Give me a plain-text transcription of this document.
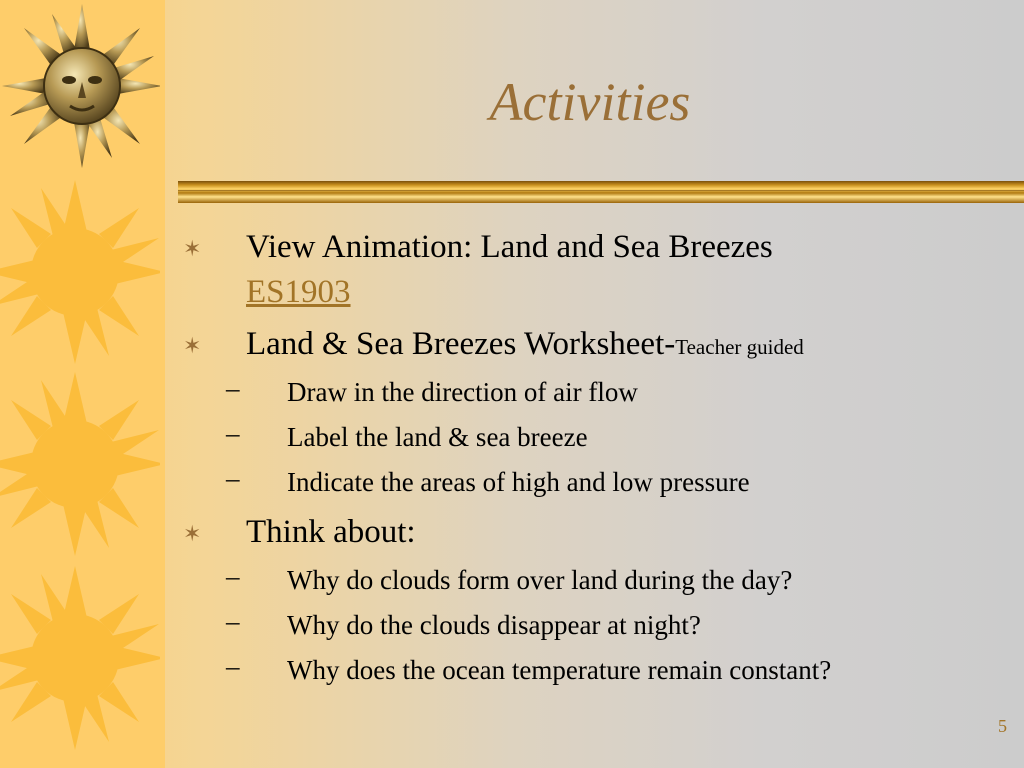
Activities
✶ View Animation: Land and Sea Breezes
ES1903
✶ Land & Sea Breezes Worksheet-Teacher guided
– Draw in the direction of air flow
– Label the land & sea breeze
– Indicate the areas of high and low pressure
✶ Think about:
– Why do clouds form over land during the day?
– Why do the clouds disappear at night?
– Why does the ocean temperature remain constant?
5
